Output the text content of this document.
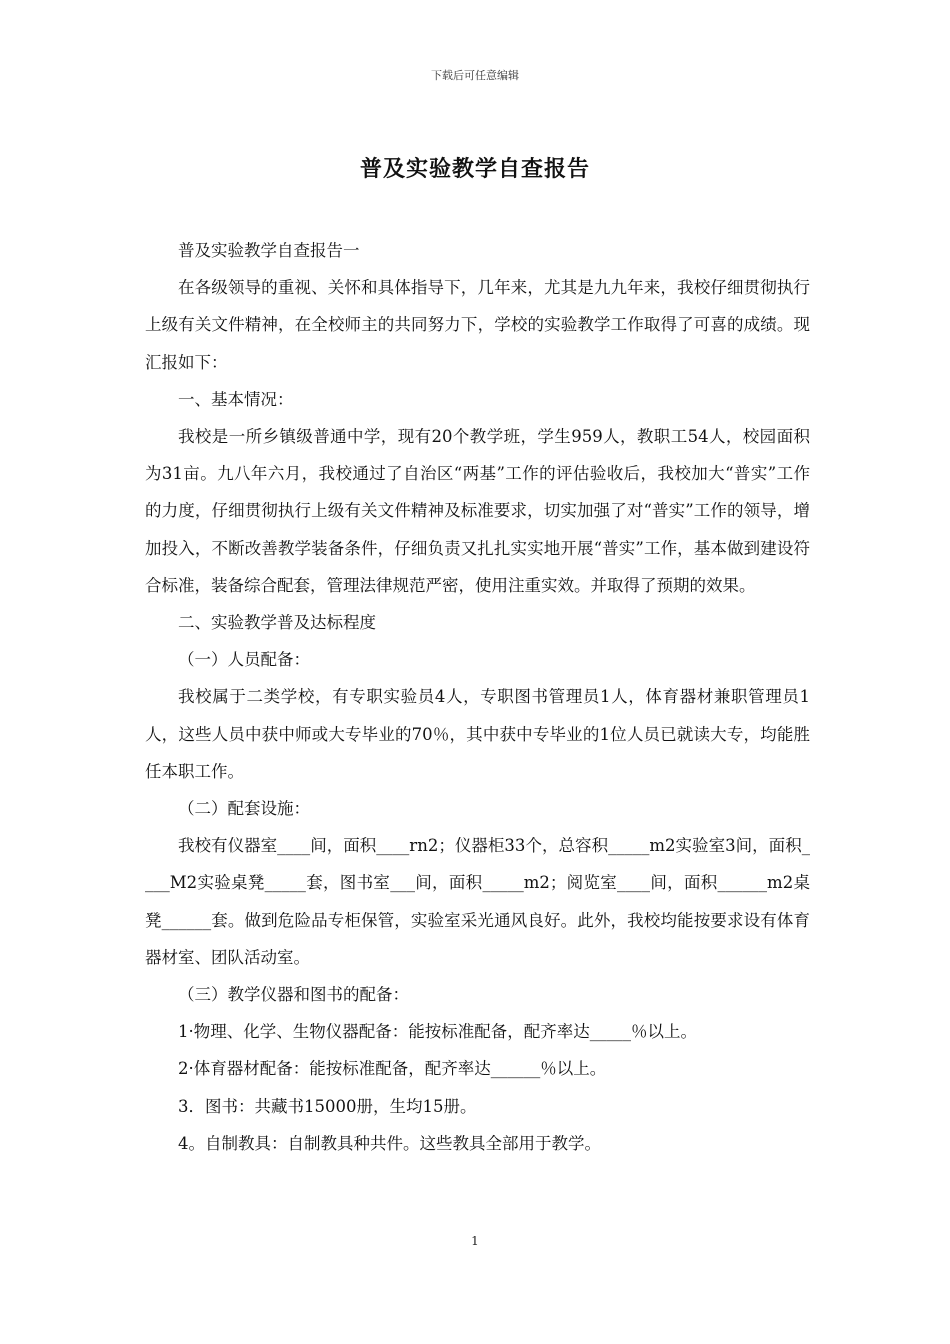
下载后可任意编辑
普及实验教学自查报告

普及实验教学自查报告一

在各级领导的重视、关怀和具体指导下，几年来，尤其是九九年来，我校仔细贯彻执行上级有关文件精神，在全校师主的共同努力下，学校的实验教学工作取得了可喜的成绩。现汇报如下：

一、基本情况：

我校是一所乡镇级普通中学，现有20个教学班，学生959人，教职工54人，校园面积为31亩。九八年六月，我校通过了自治区“两基”工作的评估验收后，我校加大“普实”工作的力度，仔细贯彻执行上级有关文件精神及标准要求，切实加强了对“普实”工作的领导，增加投入，不断改善教学装备条件，仔细负责又扎扎实实地开展“普实”工作，基本做到建设符合标准，装备综合配套，管理法律规范严密，使用注重实效。并取得了预期的效果。

二、实验教学普及达标程度

（一）人员配备：

我校属于二类学校，有专职实验员4人，专职图书管理员1人，体育器材兼职管理员1人，这些人员中获中师或大专毕业的70％，其中获中专毕业的1位人员已就读大专，均能胜任本职工作。

（二）配套设施：

我校有仪器室____间，面积____rn2；仪器柜33个，总容积_____m2实验室3间，面积____M2实验桌凳_____套，图书室___间，面积_____m2；阅览室____间，面积______m2桌凳______套。做到危险品专柜保管，实验室采光通风良好。此外，我校均能按要求设有体育器材室、团队活动室。

（三）教学仪器和图书的配备：

1·物理、化学、生物仪器配备：能按标准配备，配齐率达_____％以上。

2·体育器材配备：能按标准配备，配齐率达______％以上。

3．图书：共藏书15000册，生均15册。

4。自制教具：自制教具种共件。这些教具全部用于教学。

1
